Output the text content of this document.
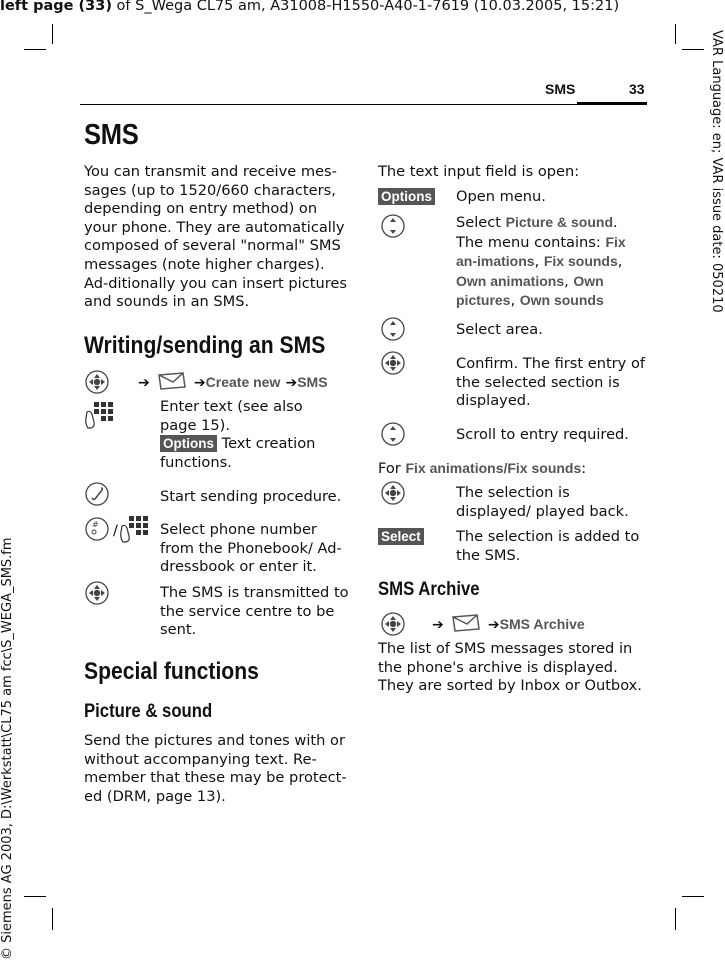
left page (33) of S_Wega CL75 am, A31008-H1550-A40-1-7619 (10.03.2005, 15:21)
VAR Language: en; VAR issue date: 050210
© Siemens AG 2003, D:\Werkstatt\CL75 am fcc\S_WEGA_SMS.fm
SMS	33
SMS
You can transmit and receive mes-sages (up to 1520/660 characters, depending on entry method) on your phone. They are automatically composed of several "normal" SMS messages (note higher charges). Ad-ditionally you can insert pictures and sounds in an SMS.
Writing/sending an SMS
➔	➔Create new ➔SMS
Enter text (see also page 15).
Options Text creation functions.
Start sending procedure.
# /	Select phone number from the Phonebook/ Ad-dressbook or enter it.
The SMS is transmitted to the service centre to be sent.
Special functions
Picture & sound
Send the pictures and tones with or without accompanying text. Re-member that these may be protect-ed (DRM, page 13).
The text input field is open:
Options Open menu.
Select Picture & sound. The menu contains: Fix an-imations, Fix sounds, Own animations, Own pictures, Own sounds
Select area.
Confirm. The first entry of the selected section is displayed.
Scroll to entry required.
For Fix animations/Fix sounds:
The selection is displayed/ played back.
Select The selection is added to the SMS.
SMS Archive
➔	➔SMS Archive
The list of SMS messages stored in the phone's archive is displayed. They are sorted by Inbox or Outbox.
